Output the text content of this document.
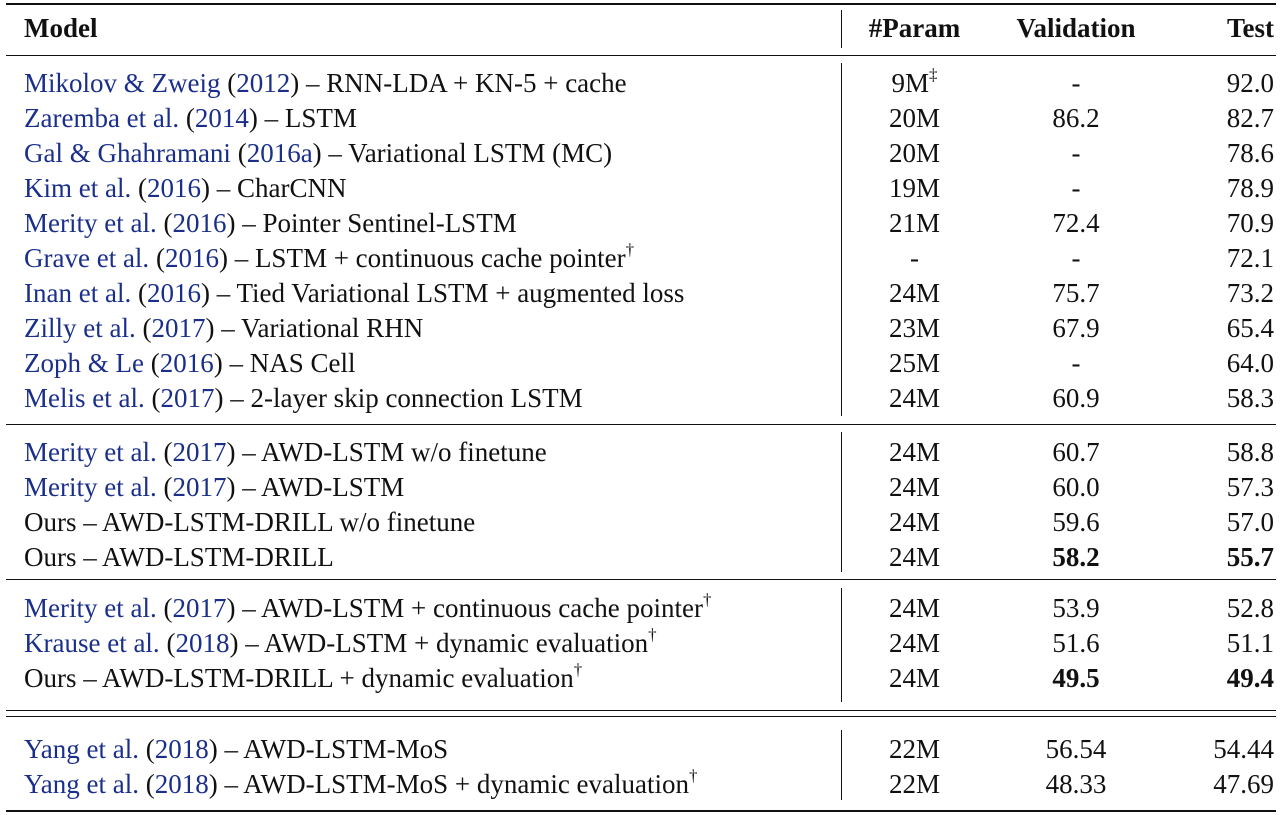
Model	#Param	Validation	Test
Mikolov & Zweig (2012) – RNN-LDA + KN-5 + cache	9M‡	-	92.0
Zaremba et al. (2014) – LSTM	20M	86.2	82.7
Gal & Ghahramani (2016a) – Variational LSTM (MC)	20M	-	78.6
Kim et al. (2016) – CharCNN	19M	-	78.9
Merity et al. (2016) – Pointer Sentinel-LSTM	21M	72.4	70.9
Grave et al. (2016) – LSTM + continuous cache pointer†	-	-	72.1
Inan et al. (2016) – Tied Variational LSTM + augmented loss	24M	75.7	73.2
Zilly et al. (2017) – Variational RHN	23M	67.9	65.4
Zoph & Le (2016) – NAS Cell	25M	-	64.0
Melis et al. (2017) – 2-layer skip connection LSTM	24M	60.9	58.3
Merity et al. (2017) – AWD-LSTM w/o finetune	24M	60.7	58.8
Merity et al. (2017) – AWD-LSTM	24M	60.0	57.3
Ours – AWD-LSTM-DRILL w/o finetune	24M	59.6	57.0
Ours – AWD-LSTM-DRILL	24M	58.2	55.7
Merity et al. (2017) – AWD-LSTM + continuous cache pointer†	24M	53.9	52.8
Krause et al. (2018) – AWD-LSTM + dynamic evaluation†	24M	51.6	51.1
Ours – AWD-LSTM-DRILL + dynamic evaluation†	24M	49.5	49.4
Yang et al. (2018) – AWD-LSTM-MoS	22M	56.54	54.44
Yang et al. (2018) – AWD-LSTM-MoS + dynamic evaluation†	22M	48.33	47.69
